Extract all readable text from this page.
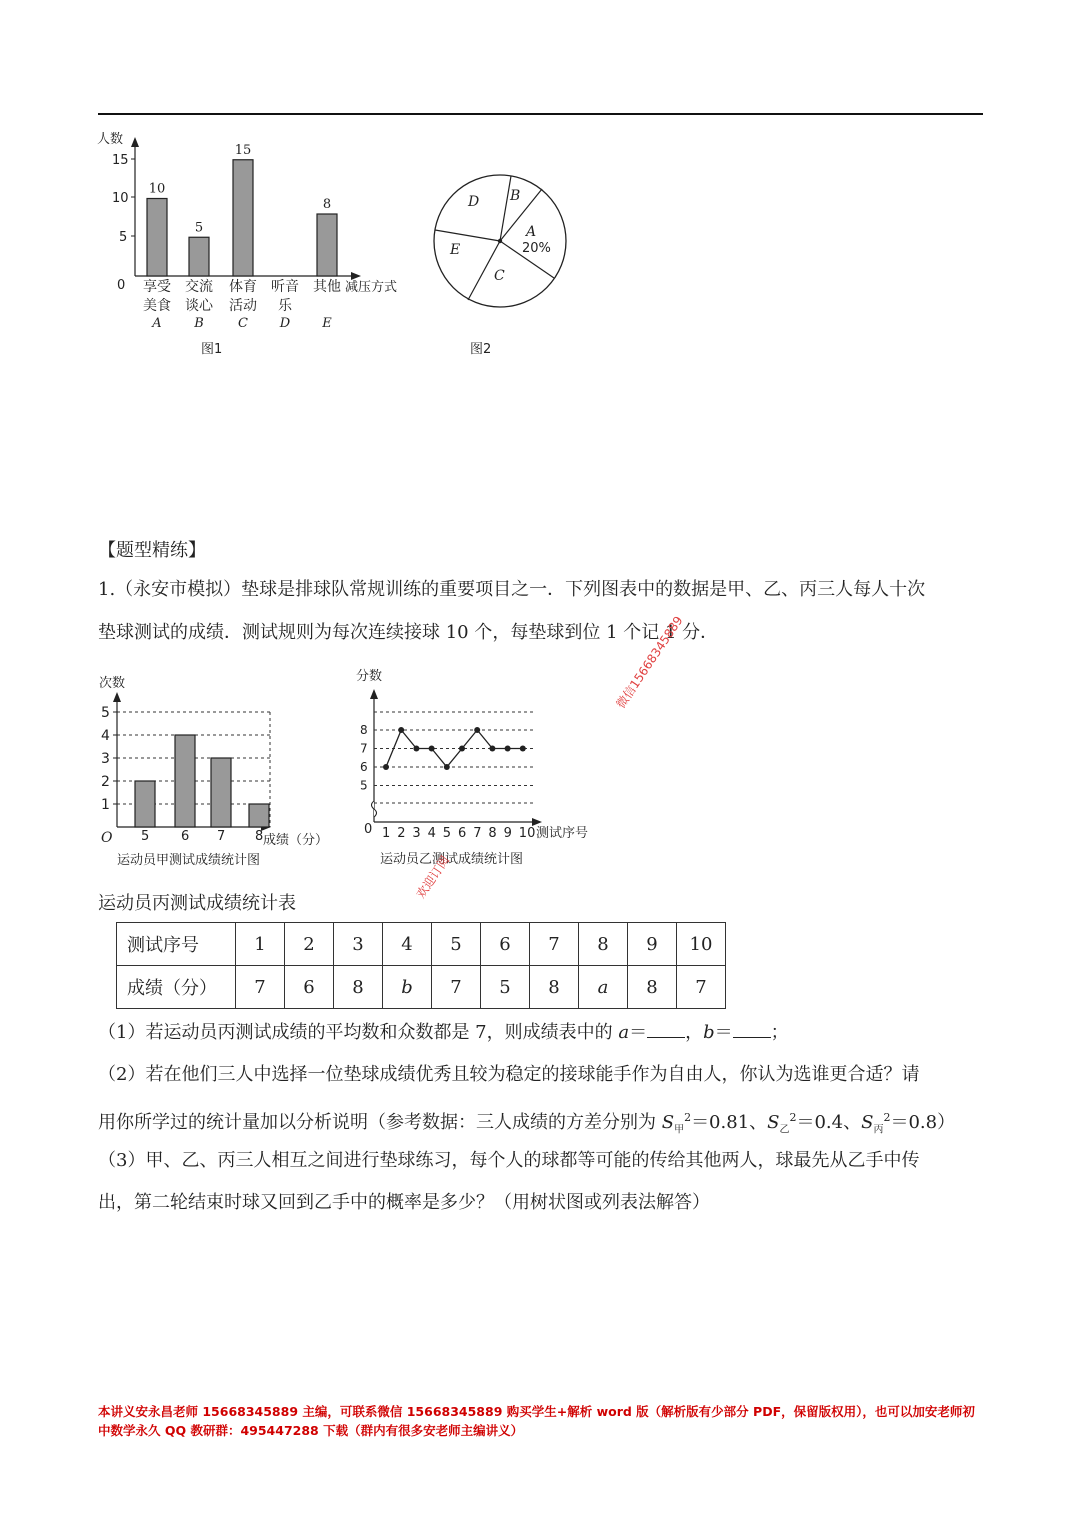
人数
0
5
10
15
10
享受
美食
A
5
交流
谈心
B
15
体育
活动
C
听音
乐
D
8
其他
E
减压方式
图1
D B
A
20%
C
E
图2
【题型精练】
1.（永安市模拟）垫球是排球队常规训练的重要项目之一．下列图表中的数据是甲、乙、丙三人每人十次
垫球测试的成绩．测试规则为每次连续接球 10 个，每垫球到位 1 个记 1 分．
次数
O
1
2
3
4
5
5 6 7 8 成绩（分）
运动员甲测试成绩统计图
分数
0
5
6
7
8
1 2 3 4 5 6 7 8 9 10 测试序号
运动员乙测试成绩统计图
微信15668345889
欢迎订阅
运动员丙测试成绩统计表
测试序号	1	2	3	4	5	6	7	8	9	10
成绩（分）	7	6	8	b	7	5	8	a	8	7
（1）若运动员丙测试成绩的平均数和众数都是 7，则成绩表中的 a＝ ，b＝ ；
（2）若在他们三人中选择一位垫球成绩优秀且较为稳定的接球能手作为自由人，你认为选谁更合适？请
用你所学过的统计量加以分析说明（参考数据：三人成绩的方差分别为 $S_甲^2=0.81$、$S_乙^2=0.4$、$S_丙^2=0.8$）
（3）甲、乙、丙三人相互之间进行垫球练习，每个人的球都等可能的传给其他两人，球最先从乙手中传
出，第二轮结束时球又回到乙手中的概率是多少？（用树状图或列表法解答）
本讲义安永昌老师 15668345889 主编，可联系微信 15668345889 购买学生+解析 word 版（解析版有少部分 PDF，保留版权用），也可以加安老师初中数学永久 QQ 教研群：495447288 下载（群内有很多安老师主编讲义）
